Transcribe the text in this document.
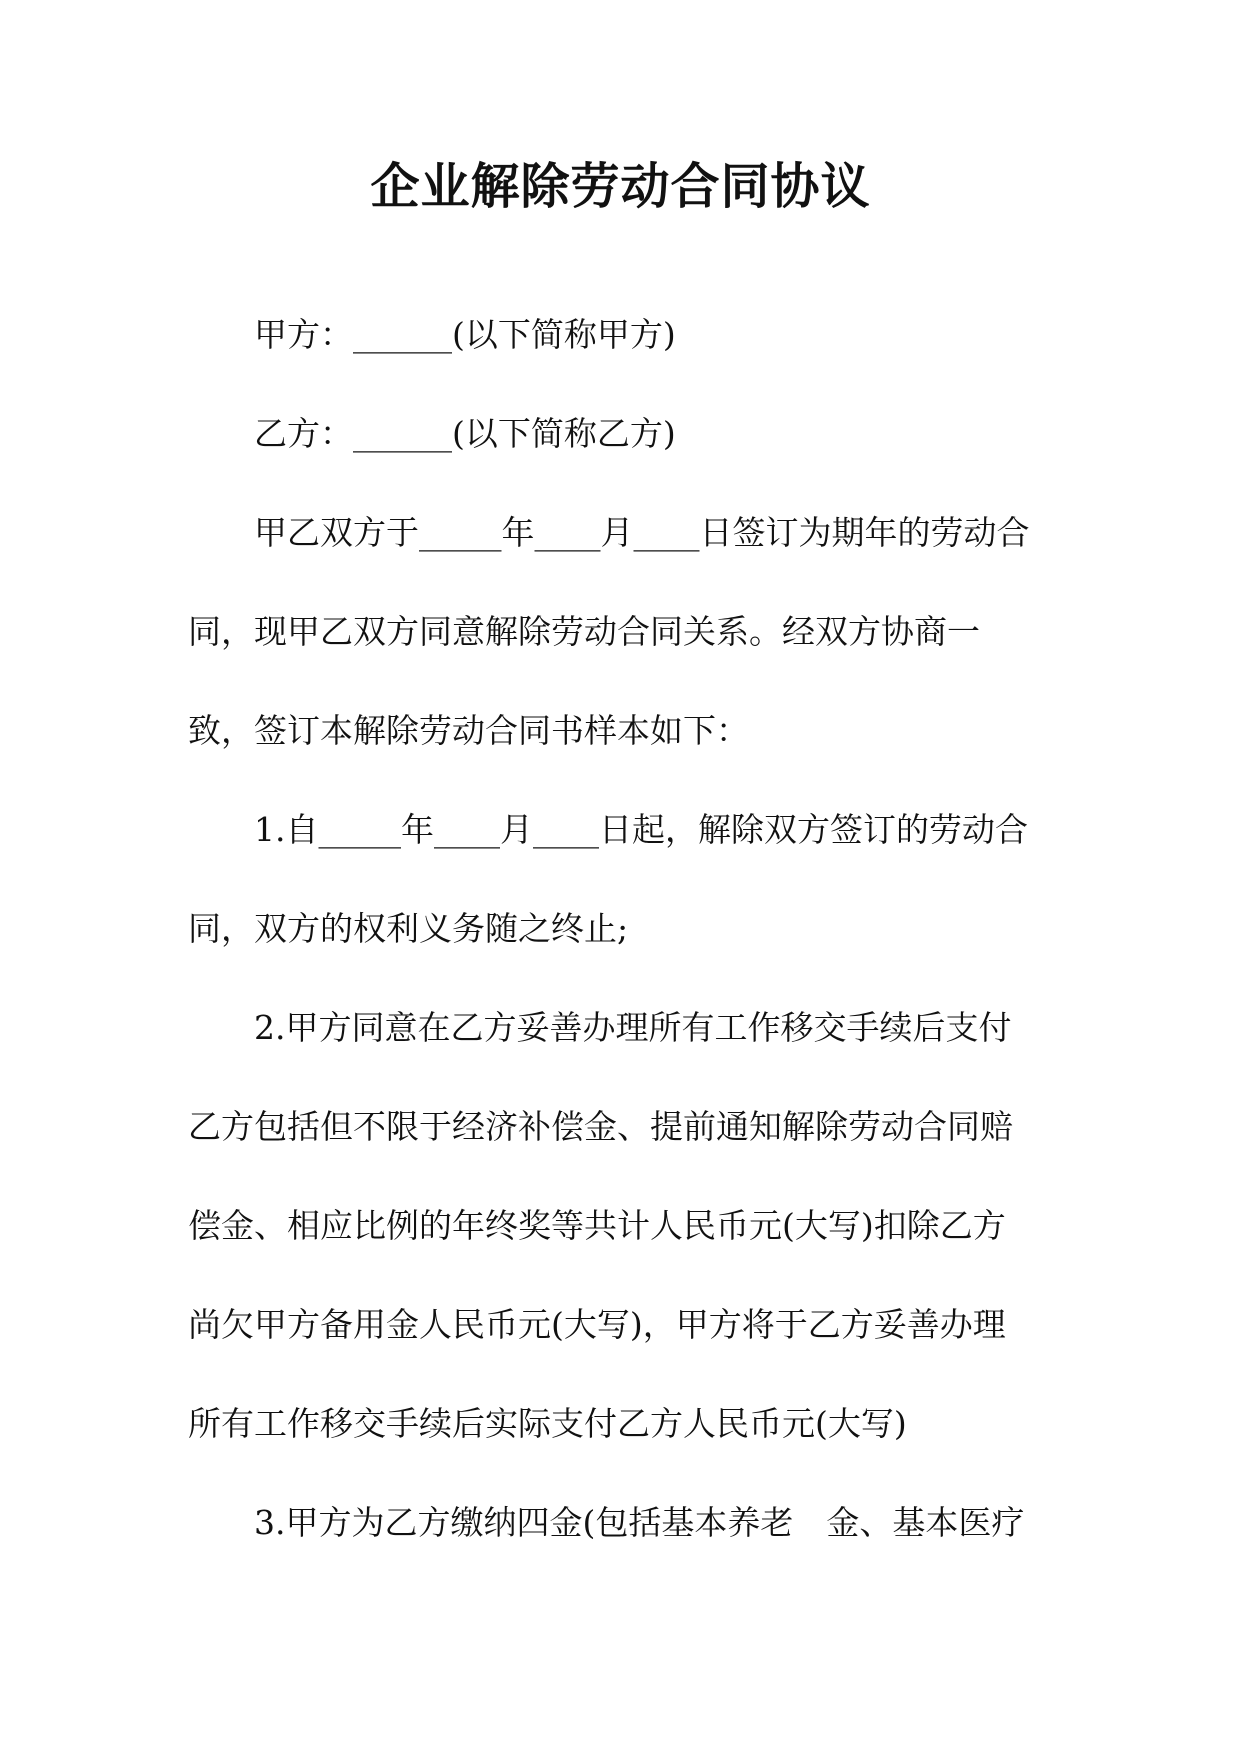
企业解除劳动合同协议

甲方：______(以下简称甲方)

乙方：______(以下简称乙方)

甲乙双方于_____年____月____日签订为期年的劳动合

同，现甲乙双方同意解除劳动合同关系。经双方协商一

致，签订本解除劳动合同书样本如下：

1.自_____年____月____日起，解除双方签订的劳动合

同，双方的权利义务随之终止;

2.甲方同意在乙方妥善办理所有工作移交手续后支付

乙方包括但不限于经济补偿金、提前通知解除劳动合同赔

偿金、相应比例的年终奖等共计人民币元(大写)扣除乙方

尚欠甲方备用金人民币元(大写)，甲方将于乙方妥善办理

所有工作移交手续后实际支付乙方人民币元(大写)

3.甲方为乙方缴纳四金(包括基本养老　金、基本医疗
